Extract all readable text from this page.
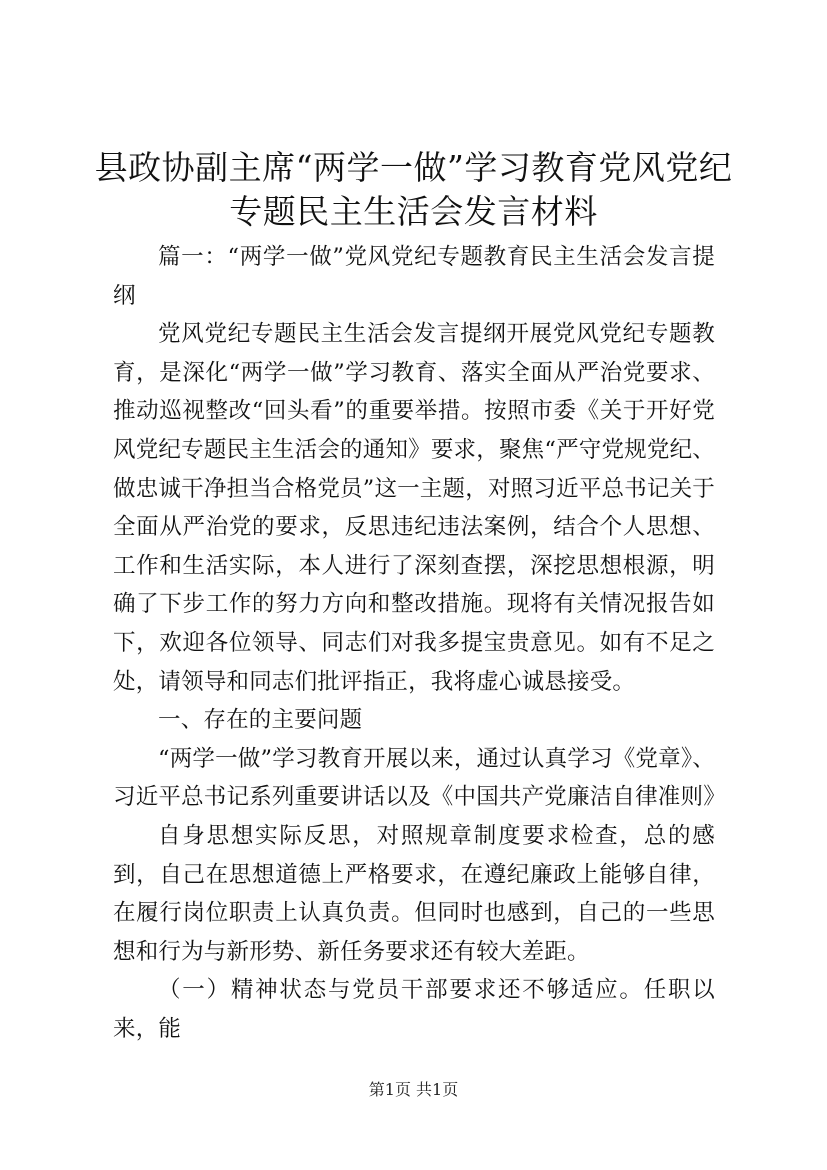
县政协副主席“两学一做”学习教育党风党纪
专题民主生活会发言材料

篇一：“两学一做”党风党纪专题教育民主生活会发言提纲

党风党纪专题民主生活会发言提纲开展党风党纪专题教育，是深化“两学一做”学习教育、落实全面从严治党要求、推动巡视整改“回头看”的重要举措。按照市委《关于开好党风党纪专题民主生活会的通知》要求，聚焦“严守党规党纪、做忠诚干净担当合格党员”这一主题，对照习近平总书记关于全面从严治党的要求，反思违纪违法案例，结合个人思想、工作和生活实际，本人进行了深刻查摆，深挖思想根源，明确了下步工作的努力方向和整改措施。现将有关情况报告如下，欢迎各位领导、同志们对我多提宝贵意见。如有不足之处，请领导和同志们批评指正，我将虚心诚恳接受。

一、存在的主要问题

“两学一做”学习教育开展以来，通过认真学习《党章》、习近平总书记系列重要讲话以及《中国共产党廉洁自律准则》

自身思想实际反思，对照规章制度要求检查，总的感到，自己在思想道德上严格要求，在遵纪廉政上能够自律，在履行岗位职责上认真负责。但同时也感到，自己的一些思想和行为与新形势、新任务要求还有较大差距。

（一）精神状态与党员干部要求还不够适应。任职以来，能

第1页 共1页
